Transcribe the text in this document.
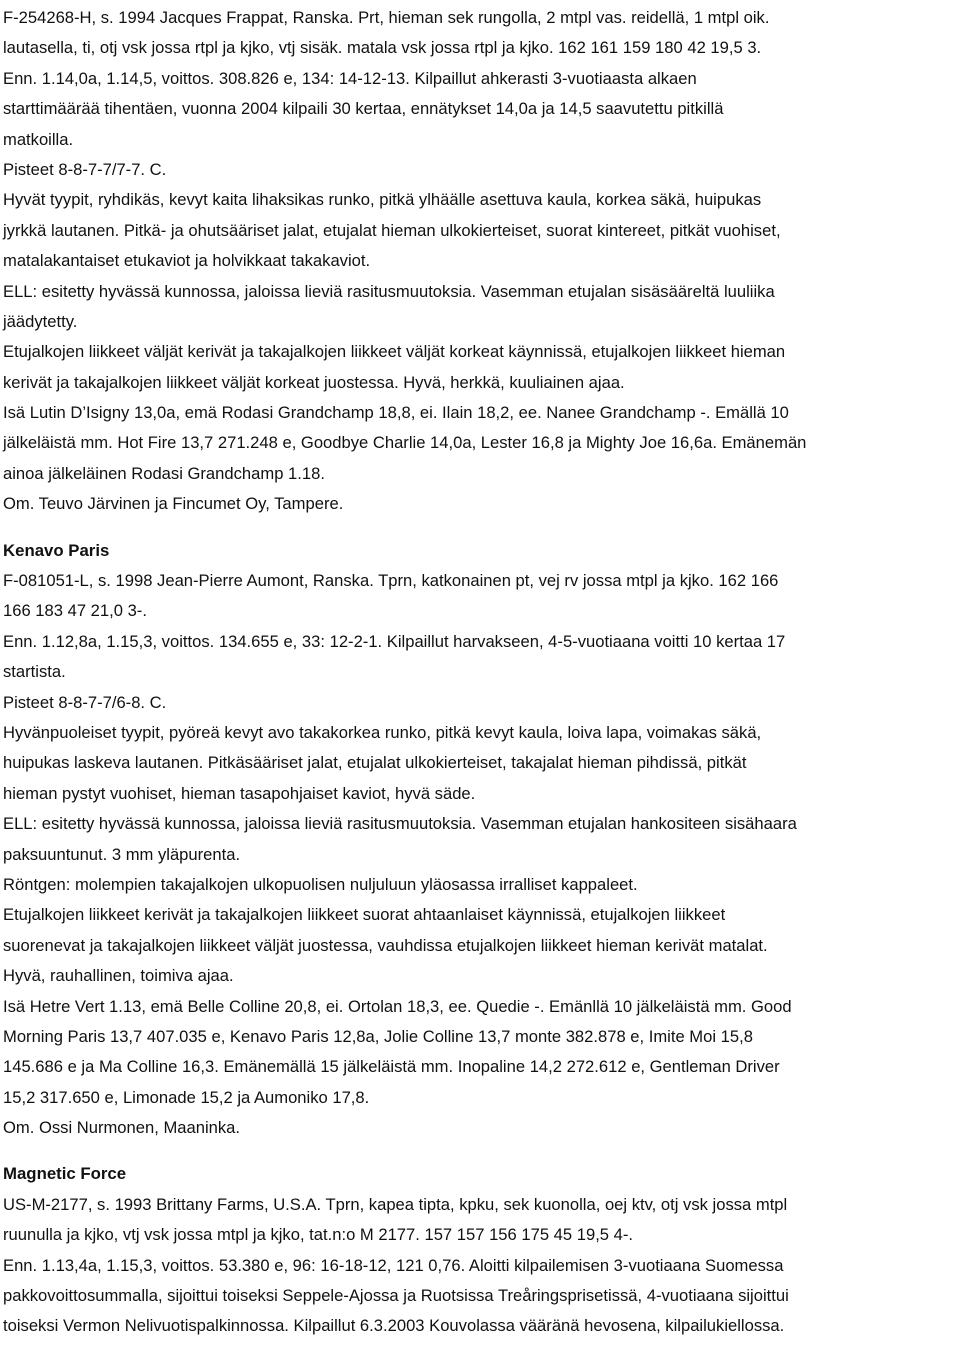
F-254268-H, s. 1994 Jacques Frappat, Ranska. Prt, hieman sek rungolla, 2 mtpl vas. reidellä, 1 mtpl oik.
lautasella, ti, otj vsk jossa rtpl ja kjko, vtj sisäk. matala vsk jossa rtpl ja kjko. 162 161 159 180 42 19,5 3.
Enn. 1.14,0a, 1.14,5, voittos. 308.826 e, 134: 14-12-13. Kilpaillut ahkerasti 3-vuotiaasta alkaen
starttimäärää tihentäen, vuonna 2004 kilpaili 30 kertaa, ennätykset 14,0a ja 14,5 saavutettu pitkillä
matkoilla.
Pisteet 8-8-7-7/7-7. C.
Hyvät tyypit, ryhdikäs, kevyt kaita lihaksikas runko, pitkä ylhäälle asettuva kaula, korkea säkä, huipukas
jyrkkä lautanen. Pitkä- ja ohutsääriset jalat, etujalat hieman ulkokierteiset, suorat kintereet, pitkät vuohiset,
matalakantaiset etukaviot ja holvikkaat takakaviot.
ELL: esitetty hyvässä kunnossa, jaloissa lieviä rasitusmuutoksia. Vasemman etujalan sisäsääreltä luuliika
jäädytetty.
Etujalkojen liikkeet väljät kerivät ja takajalkojen liikkeet väljät korkeat käynnissä, etujalkojen liikkeet hieman
kerivät ja takajalkojen liikkeet väljät korkeat juostessa. Hyvä, herkkä, kuuliainen ajaa.
Isä Lutin D’Isigny 13,0a, emä Rodasi Grandchamp 18,8, ei. Ilain 18,2, ee. Nanee Grandchamp -. Emällä 10
jälkeläistä mm. Hot Fire 13,7 271.248 e, Goodbye Charlie 14,0a, Lester 16,8 ja Mighty Joe 16,6a. Emänemän
ainoa jälkeläinen Rodasi Grandchamp 1.18.
Om. Teuvo Järvinen ja Fincumet Oy, Tampere.
Kenavo Paris
F-081051-L, s. 1998 Jean-Pierre Aumont, Ranska. Tprn, katkonainen pt, vej rv jossa mtpl ja kjko. 162 166
166 183 47 21,0 3-.
Enn. 1.12,8a, 1.15,3, voittos. 134.655 e, 33: 12-2-1. Kilpaillut harvakseen, 4-5-vuotiaana voitti 10 kertaa 17
startista.
Pisteet 8-8-7-7/6-8. C.
Hyvänpuoleiset tyypit, pyöreä kevyt avo takakorkea runko, pitkä kevyt kaula, loiva lapa, voimakas säkä,
huipukas laskeva lautanen. Pitkäsääriset jalat, etujalat ulkokierteiset, takajalat hieman pihdissä, pitkät
hieman pystyt vuohiset, hieman tasapohjaiset kaviot, hyvä säde.
ELL: esitetty hyvässä kunnossa, jaloissa lieviä rasitusmuutoksia. Vasemman etujalan hankositeen sisähaara
paksuuntunut. 3 mm yläpurenta.
Röntgen: molempien takajalkojen ulkopuolisen nuljuluun yläosassa irralliset kappaleet.
Etujalkojen liikkeet kerivät ja takajalkojen liikkeet suorat ahtaanlaiset käynnissä, etujalkojen liikkeet
suorenevat ja takajalkojen liikkeet väljät juostessa, vauhdissa etujalkojen liikkeet hieman kerivät matalat.
Hyvä, rauhallinen, toimiva ajaa.
Isä Hetre Vert 1.13, emä Belle Colline 20,8, ei. Ortolan 18,3, ee. Quedie -. Emänllä 10 jälkeläistä mm. Good
Morning Paris 13,7 407.035 e, Kenavo Paris 12,8a, Jolie Colline 13,7 monte 382.878 e, Imite Moi 15,8
145.686 e ja Ma Colline 16,3. Emänemällä 15 jälkeläistä mm. Inopaline 14,2 272.612 e, Gentleman Driver
15,2 317.650 e, Limonade 15,2 ja Aumoniko 17,8.
Om. Ossi Nurmonen, Maaninka.
Magnetic Force
US-M-2177, s. 1993 Brittany Farms, U.S.A. Tprn, kapea tipta, kpku, sek kuonolla, oej ktv, otj vsk jossa mtpl
ruunulla ja kjko, vtj vsk jossa mtpl ja kjko, tat.n:o M 2177. 157 157 156 175 45 19,5 4-.
Enn. 1.13,4a, 1.15,3, voittos. 53.380 e, 96: 16-18-12, 121 0,76. Aloitti kilpailemisen 3-vuotiaana Suomessa
pakkovoittosummalla, sijoittui toiseksi Seppele-Ajossa ja Ruotsissa Treåringsprisetissä, 4-vuotiaana sijoittui
toiseksi Vermon Nelivuotispalkinnossa. Kilpaillut 6.3.2003 Kouvolassa vääränä hevosena, kilpailukiellossa.
